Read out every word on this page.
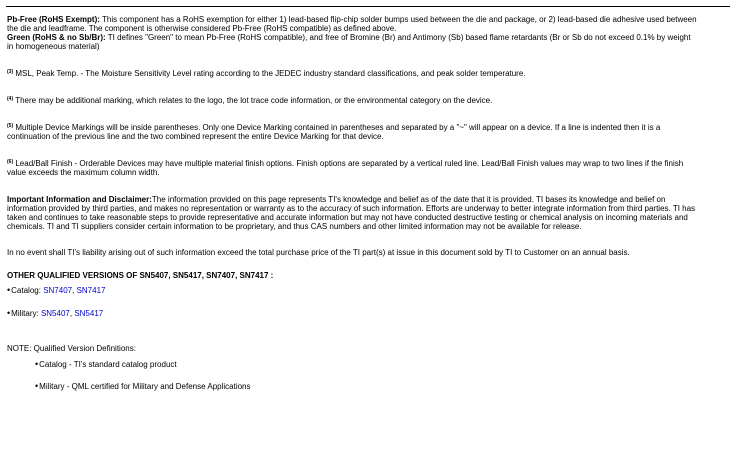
Pb-Free (RoHS Exempt): This component has a RoHS exemption for either 1) lead-based flip-chip solder bumps used between the die and package, or 2) lead-based die adhesive used between the die and leadframe. The component is otherwise considered Pb-Free (RoHS compatible) as defined above.
Green (RoHS & no Sb/Br): TI defines "Green" to mean Pb-Free (RoHS compatible), and free of Bromine (Br) and Antimony (Sb) based flame retardants (Br or Sb do not exceed 0.1% by weight in homogeneous material)
$^{(3)}$ MSL, Peak Temp. - The Moisture Sensitivity Level rating according to the JEDEC industry standard classifications, and peak solder temperature.
$^{(4)}$ There may be additional marking, which relates to the logo, the lot trace code information, or the environmental category on the device.
$^{(5)}$ Multiple Device Markings will be inside parentheses. Only one Device Marking contained in parentheses and separated by a "~" will appear on a device. If a line is indented then it is a continuation of the previous line and the two combined represent the entire Device Marking for that device.
$^{(6)}$ Lead/Ball Finish - Orderable Devices may have multiple material finish options. Finish options are separated by a vertical ruled line. Lead/Ball Finish values may wrap to two lines if the finish value exceeds the maximum column width.
Important Information and Disclaimer:The information provided on this page represents TI's knowledge and belief as of the date that it is provided. TI bases its knowledge and belief on information provided by third parties, and makes no representation or warranty as to the accuracy of such information. Efforts are underway to better integrate information from third parties. TI has taken and continues to take reasonable steps to provide representative and accurate information but may not have conducted destructive testing or chemical analysis on incoming materials and chemicals. TI and TI suppliers consider certain information to be proprietary, and thus CAS numbers and other limited information may not be available for release.
In no event shall TI's liability arising out of such information exceed the total purchase price of the TI part(s) at issue in this document sold by TI to Customer on an annual basis.
OTHER QUALIFIED VERSIONS OF SN5407, SN5417, SN7407, SN7417 :
•Catalog: SN7407, SN7417
•Military: SN5407, SN5417
NOTE: Qualified Version Definitions:
•Catalog - TI's standard catalog product
•Military - QML certified for Military and Defense Applications
